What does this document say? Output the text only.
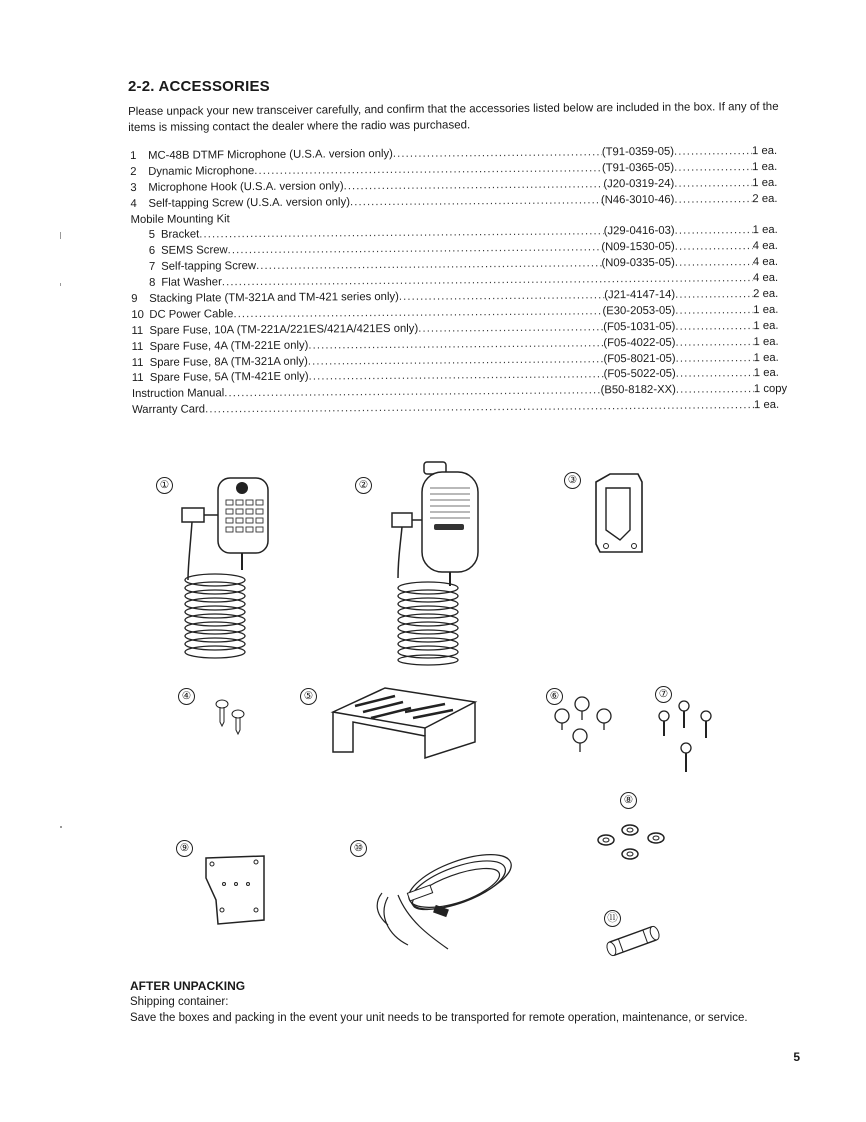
2-2. ACCESSORIES

Please unpack your new transceiver carefully, and confirm that the accessories listed below are included in the box. If any of the items is missing contact the dealer where the radio was purchased.

1	MC-48B DTMF Microphone (U.S.A. version only) .....	(T91-0359-05) .....	1 ea.
2	Dynamic Microphone .....	(T91-0365-05) .....	1 ea.
3	Microphone Hook (U.S.A. version only) .....	(J20-0319-24) .....	1 ea.
4	Self-tapping Screw (U.S.A. version only) .....	(N46-3010-46) .....	2 ea.
Mobile Mounting Kit
5 Bracket .....	(J29-0416-03) .....	1 ea.
6 SEMS Screw .....	(N09-1530-05) .....	4 ea.
7 Self-tapping Screw .....	(N09-0335-05) .....	4 ea.
8 Flat Washer .....	4 ea.
9	Stacking Plate (TM-321A and TM-421 series only) .....	(J21-4147-14) .....	2 ea.
10 DC Power Cable .....	(E30-2053-05) .....	1 ea.
11 Spare Fuse, 10A (TM-221A/221ES/421A/421ES only) .....	(F05-1031-05) .....	1 ea.
11 Spare Fuse, 4A (TM-221E only) .....	(F05-4022-05) .....	1 ea.
11 Spare Fuse, 8A (TM-321A only) .....	(F05-8021-05) .....	1 ea.
11 Spare Fuse, 5A (TM-421E only) .....	(F05-5022-05) .....	1 ea.
Instruction Manual .....	(B50-8182-XX) .....	1 copy
Warranty Card .....	1 ea.
①	②	③
④	⑤	⑥	⑦
⑧
⑨	⑩
⑪
AFTER UNPACKING
Shipping container:
Save the boxes and packing in the event your unit needs to be transported for remote operation, maintenance, or service.
5
